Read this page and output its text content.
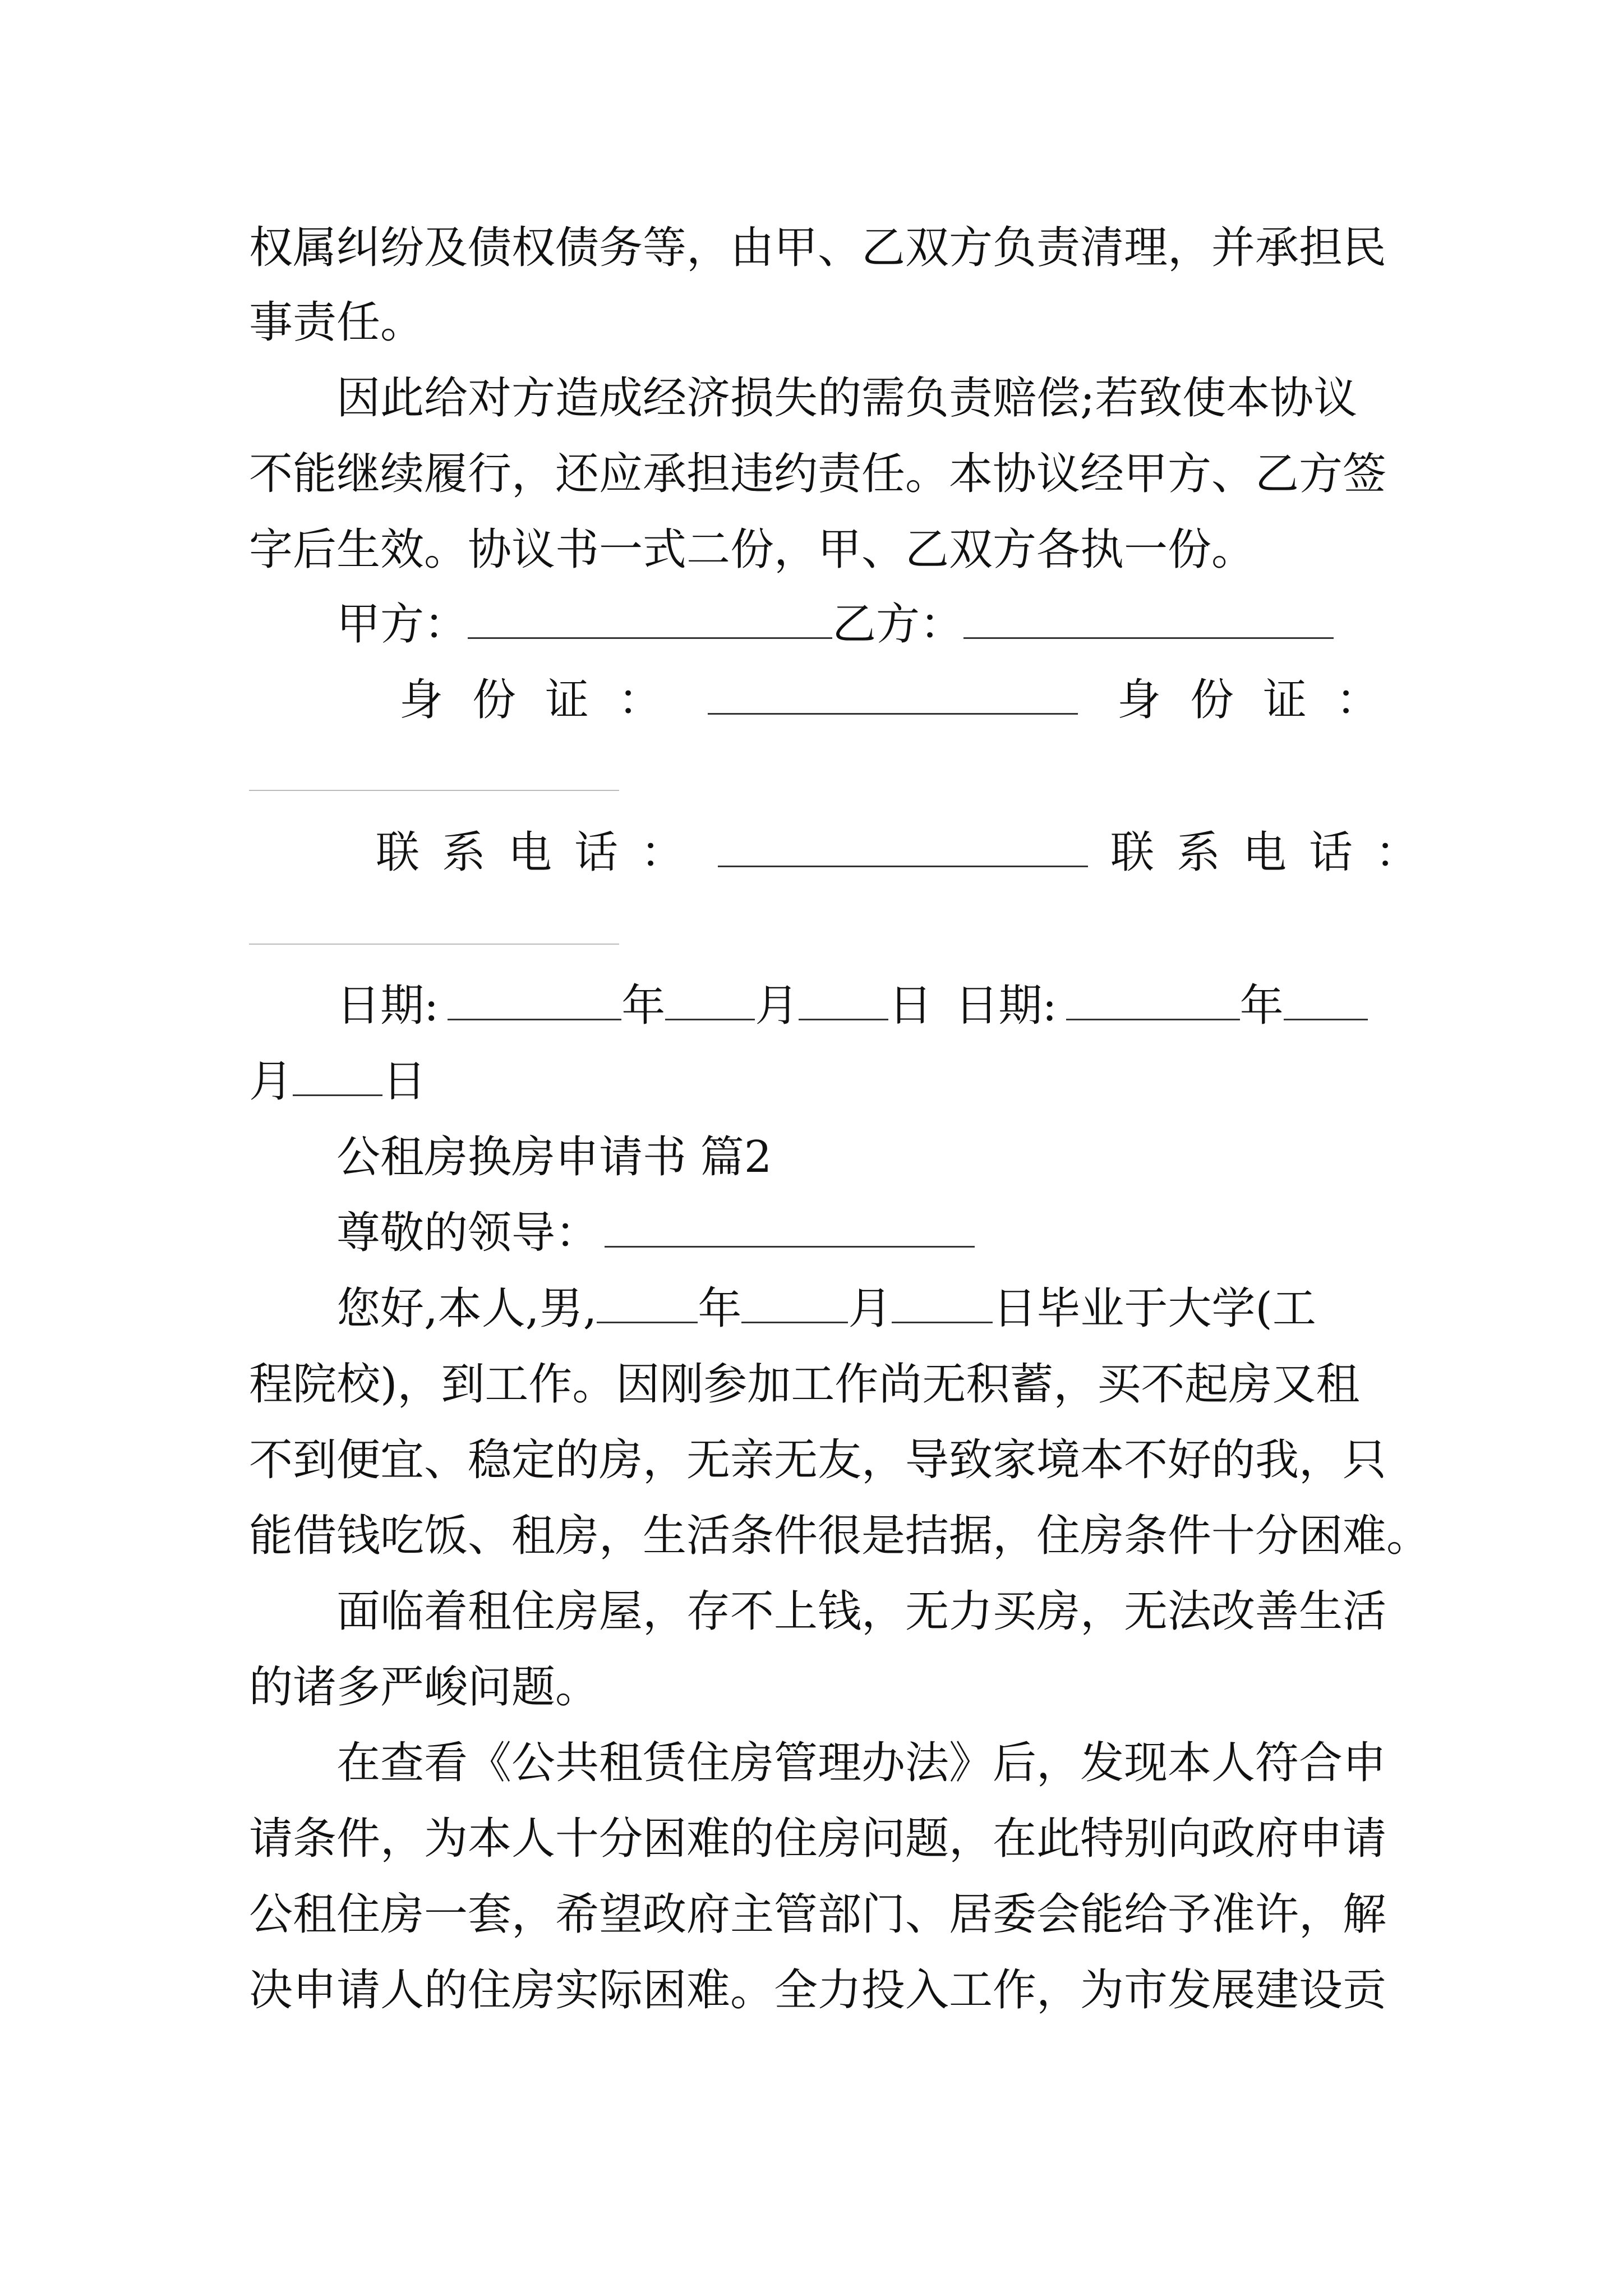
权属纠纷及债权债务等，由甲、乙双方负责清理，并承担民
事责任。
因此给对方造成经济损失的需负责赔偿;若致使本协议
不能继续履行，还应承担违约责任。本协议经甲方、乙方签
字后生效。协议书一式二份，甲、乙双方各执一份。
甲方：	乙方：
身份证：	身份证：
联系电话：	联系电话：
日期:	年 月 日 日期:	年
月 日
公租房换房申请书 篇2
尊敬的领导：
您好,本人,男, 年 月 日毕业于大学(工
程院校)，到工作。因刚参加工作尚无积蓄，买不起房又租
不到便宜、稳定的房，无亲无友，导致家境本不好的我，只
能借钱吃饭、租房，生活条件很是拮据，住房条件十分困难。
面临着租住房屋，存不上钱，无力买房，无法改善生活
的诸多严峻问题。
在查看《公共租赁住房管理办法》后，发现本人符合申
请条件，为本人十分困难的住房问题，在此特别向政府申请
公租住房一套，希望政府主管部门、居委会能给予准许，解
决申请人的住房实际困难。全力投入工作，为市发展建设贡
